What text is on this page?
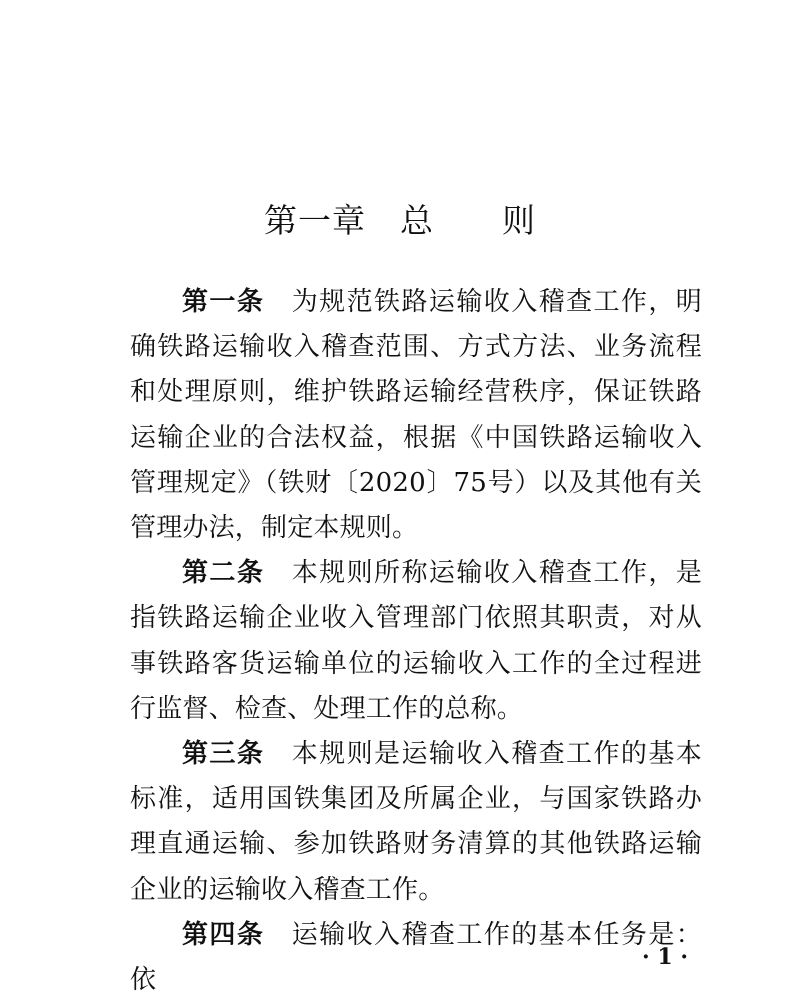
第一章　总　　则

第一条　 为规范铁路运输收入稽查工作，明确铁路运输收入稽查范围、方式方法、业务流程和处理原则，维护铁路运输经营秩序，保证铁路运输企业的合法权益，根据《中国铁路运输收入管理规定》（铁财〔2020〕75号）以及其他有关管理办法，制定本规则。

第二条　 本规则所称运输收入稽查工作，是指铁路运输企业收入管理部门依照其职责，对从事铁路客货运输单位的运输收入工作的全过程进行监督、检查、处理工作的总称。

第三条　 本规则是运输收入稽查工作的基本标准，适用国铁集团及所属企业，与国家铁路办理直通运输、参加铁路财务清算的其他铁路运输企业的运输收入稽查工作。

第四条　 运输收入稽查工作的基本任务是：依

· 1 ·
